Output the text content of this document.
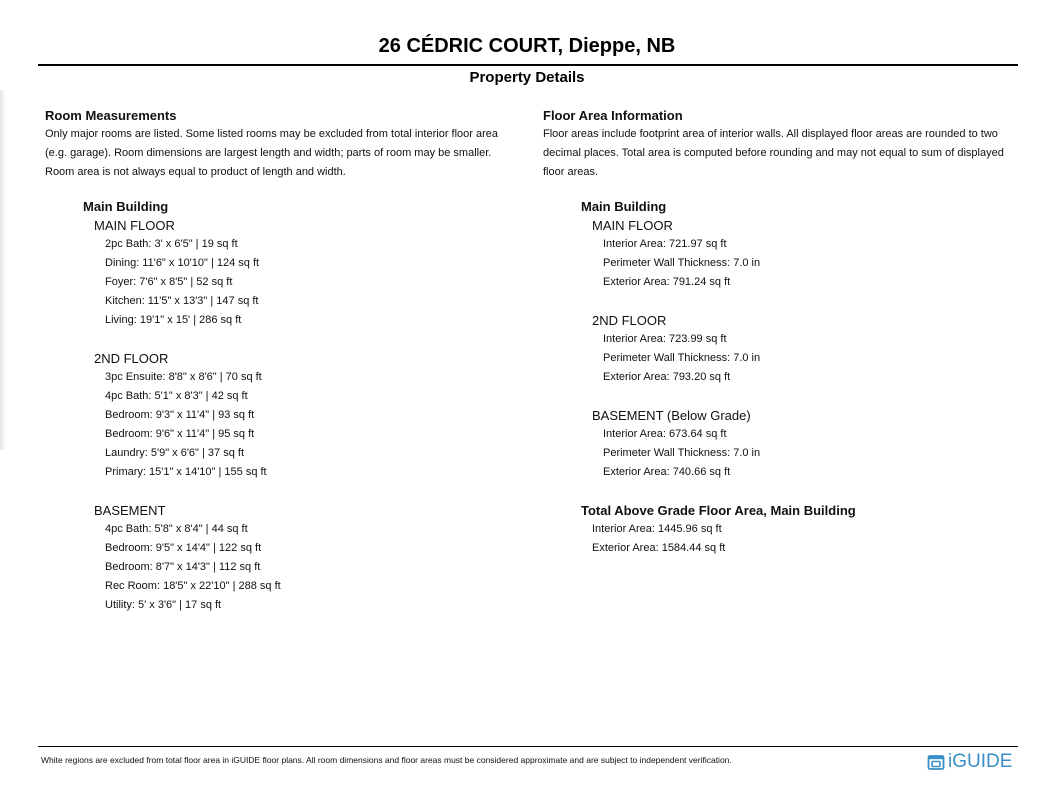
26 CÉDRIC COURT, Dieppe, NB
Property Details

Room Measurements

Only major rooms are listed. Some listed rooms may be excluded from total interior floor area (e.g. garage). Room dimensions are largest length and width; parts of room may be smaller. Room area is not always equal to product of length and width.

Main Building

MAIN FLOOR

2pc Bath: 3' x 6'5" | 19 sq ft

Dining: 11'6" x 10'10" | 124 sq ft

Foyer: 7'6" x 8'5" | 52 sq ft

Kitchen: 11'5" x 13'3" | 147 sq ft

Living: 19'1" x 15' | 286 sq ft

2ND FLOOR

3pc Ensuite: 8'8" x 8'6" | 70 sq ft

4pc Bath: 5'1" x 8'3" | 42 sq ft

Bedroom: 9'3" x 11'4" | 93 sq ft

Bedroom: 9'6" x 11'4" | 95 sq ft

Laundry: 5'9" x 6'6" | 37 sq ft

Primary: 15'1" x 14'10" | 155 sq ft

BASEMENT

4pc Bath: 5'8" x 8'4" | 44 sq ft

Bedroom: 9'5" x 14'4" | 122 sq ft

Bedroom: 8'7" x 14'3" | 112 sq ft

Rec Room: 18'5" x 22'10" | 288 sq ft

Utility: 5' x 3'6" | 17 sq ft

Floor Area Information

Floor areas include footprint area of interior walls. All displayed floor areas are rounded to two decimal places. Total area is computed before rounding and may not equal to sum of displayed floor areas.

Main Building

MAIN FLOOR

Interior Area: 721.97 sq ft

Perimeter Wall Thickness: 7.0 in

Exterior Area: 791.24 sq ft

2ND FLOOR

Interior Area: 723.99 sq ft

Perimeter Wall Thickness: 7.0 in

Exterior Area: 793.20 sq ft

BASEMENT (Below Grade)

Interior Area: 673.64 sq ft

Perimeter Wall Thickness: 7.0 in

Exterior Area: 740.66 sq ft

Total Above Grade Floor Area, Main Building

Interior Area: 1445.96 sq ft

Exterior Area: 1584.44 sq ft

White regions are excluded from total floor area in iGUIDE floor plans. All room dimensions and floor areas must be considered approximate and are subject to independent verification.	iGUIDE
